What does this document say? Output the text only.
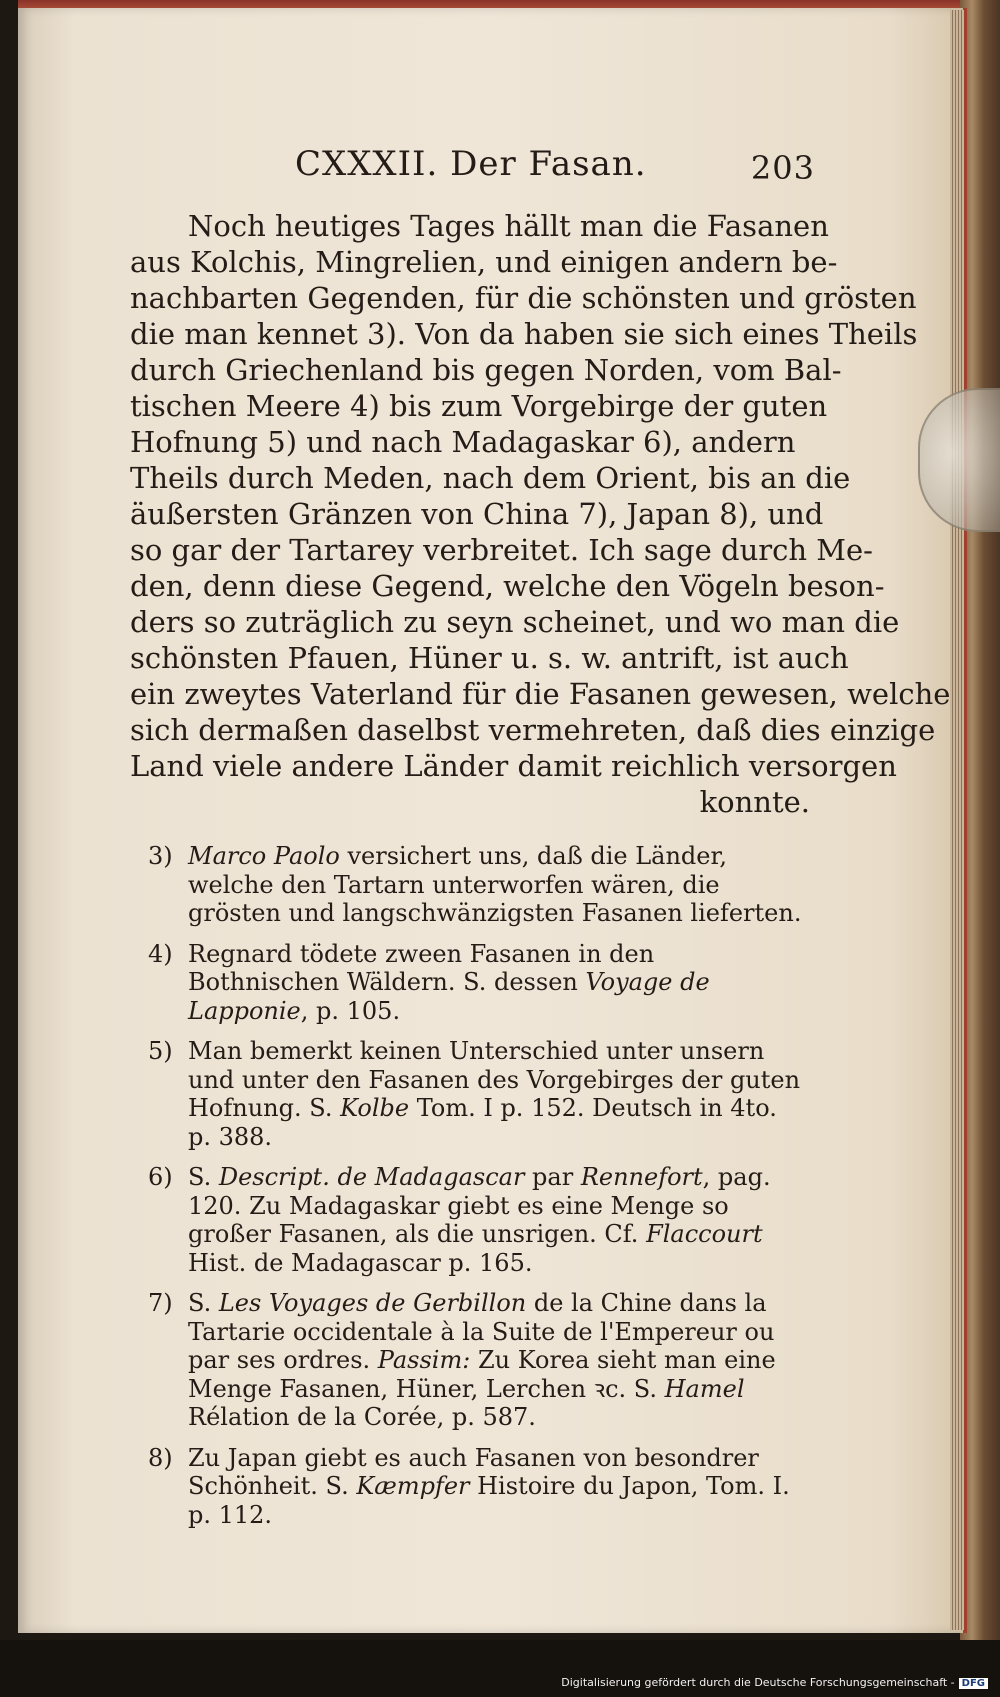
CXXXII. Der Fasan.	203
Noch heutiges Tages hällt man die Fasanen
aus Kolchis, Mingrelien, und einigen andern be-
nachbarten Gegenden, für die schönsten und grösten
die man kennet 3). Von da haben sie sich eines Theils
durch Griechenland bis gegen Norden, vom Bal-
tischen Meere 4) bis zum Vorgebirge der guten
Hofnung 5) und nach Madagaskar 6), andern
Theils durch Meden, nach dem Orient, bis an die
äußersten Gränzen von China 7), Japan 8), und
so gar der Tartarey verbreitet. Ich sage durch Me-
den, denn diese Gegend, welche den Vögeln beson-
ders so zuträglich zu seyn scheinet, und wo man die
schönsten Pfauen, Hüner u. s. w. antrift, ist auch
ein zweytes Vaterland für die Fasanen gewesen, welche
sich dermaßen daselbst vermehreten, daß dies einzige
Land viele andere Länder damit reichlich versorgen
konnte.
3) Marco Paolo versichert uns, daß die Länder, welche den Tartarn unterworfen wären, die grösten und langschwänzigsten Fasanen lieferten.
4) Regnard tödete zween Fasanen in den Bothnischen Wäldern. S. dessen Voyage de Lapponie, p. 105.
5) Man bemerkt keinen Unterschied unter unsern und unter den Fasanen des Vorgebirges der guten Hofnung. S. Kolbe Tom. I p. 152. Deutsch in 4to. p. 388.
6) S. Descript. de Madagascar par Rennefort, pag. 120. Zu Madagaskar giebt es eine Menge so großer Fasanen, als die unsrigen. Cf. Flaccourt Hist. de Madagascar p. 165.
7) S. Les Voyages de Gerbillon de la Chine dans la Tartarie occidentale à la Suite de l'Empereur ou par ses ordres. Passim: Zu Korea sieht man eine Menge Fasanen, Hüner, Lerchen ꝛc. S. Hamel Rélation de la Corée, p. 587.
8) Zu Japan giebt es auch Fasanen von besondrer Schönheit. S. Kæmpfer Histoire du Japon, Tom. I. p. 112.
Digitalisierung gefördert durch die Deutsche Forschungsgemeinschaft - DFG
